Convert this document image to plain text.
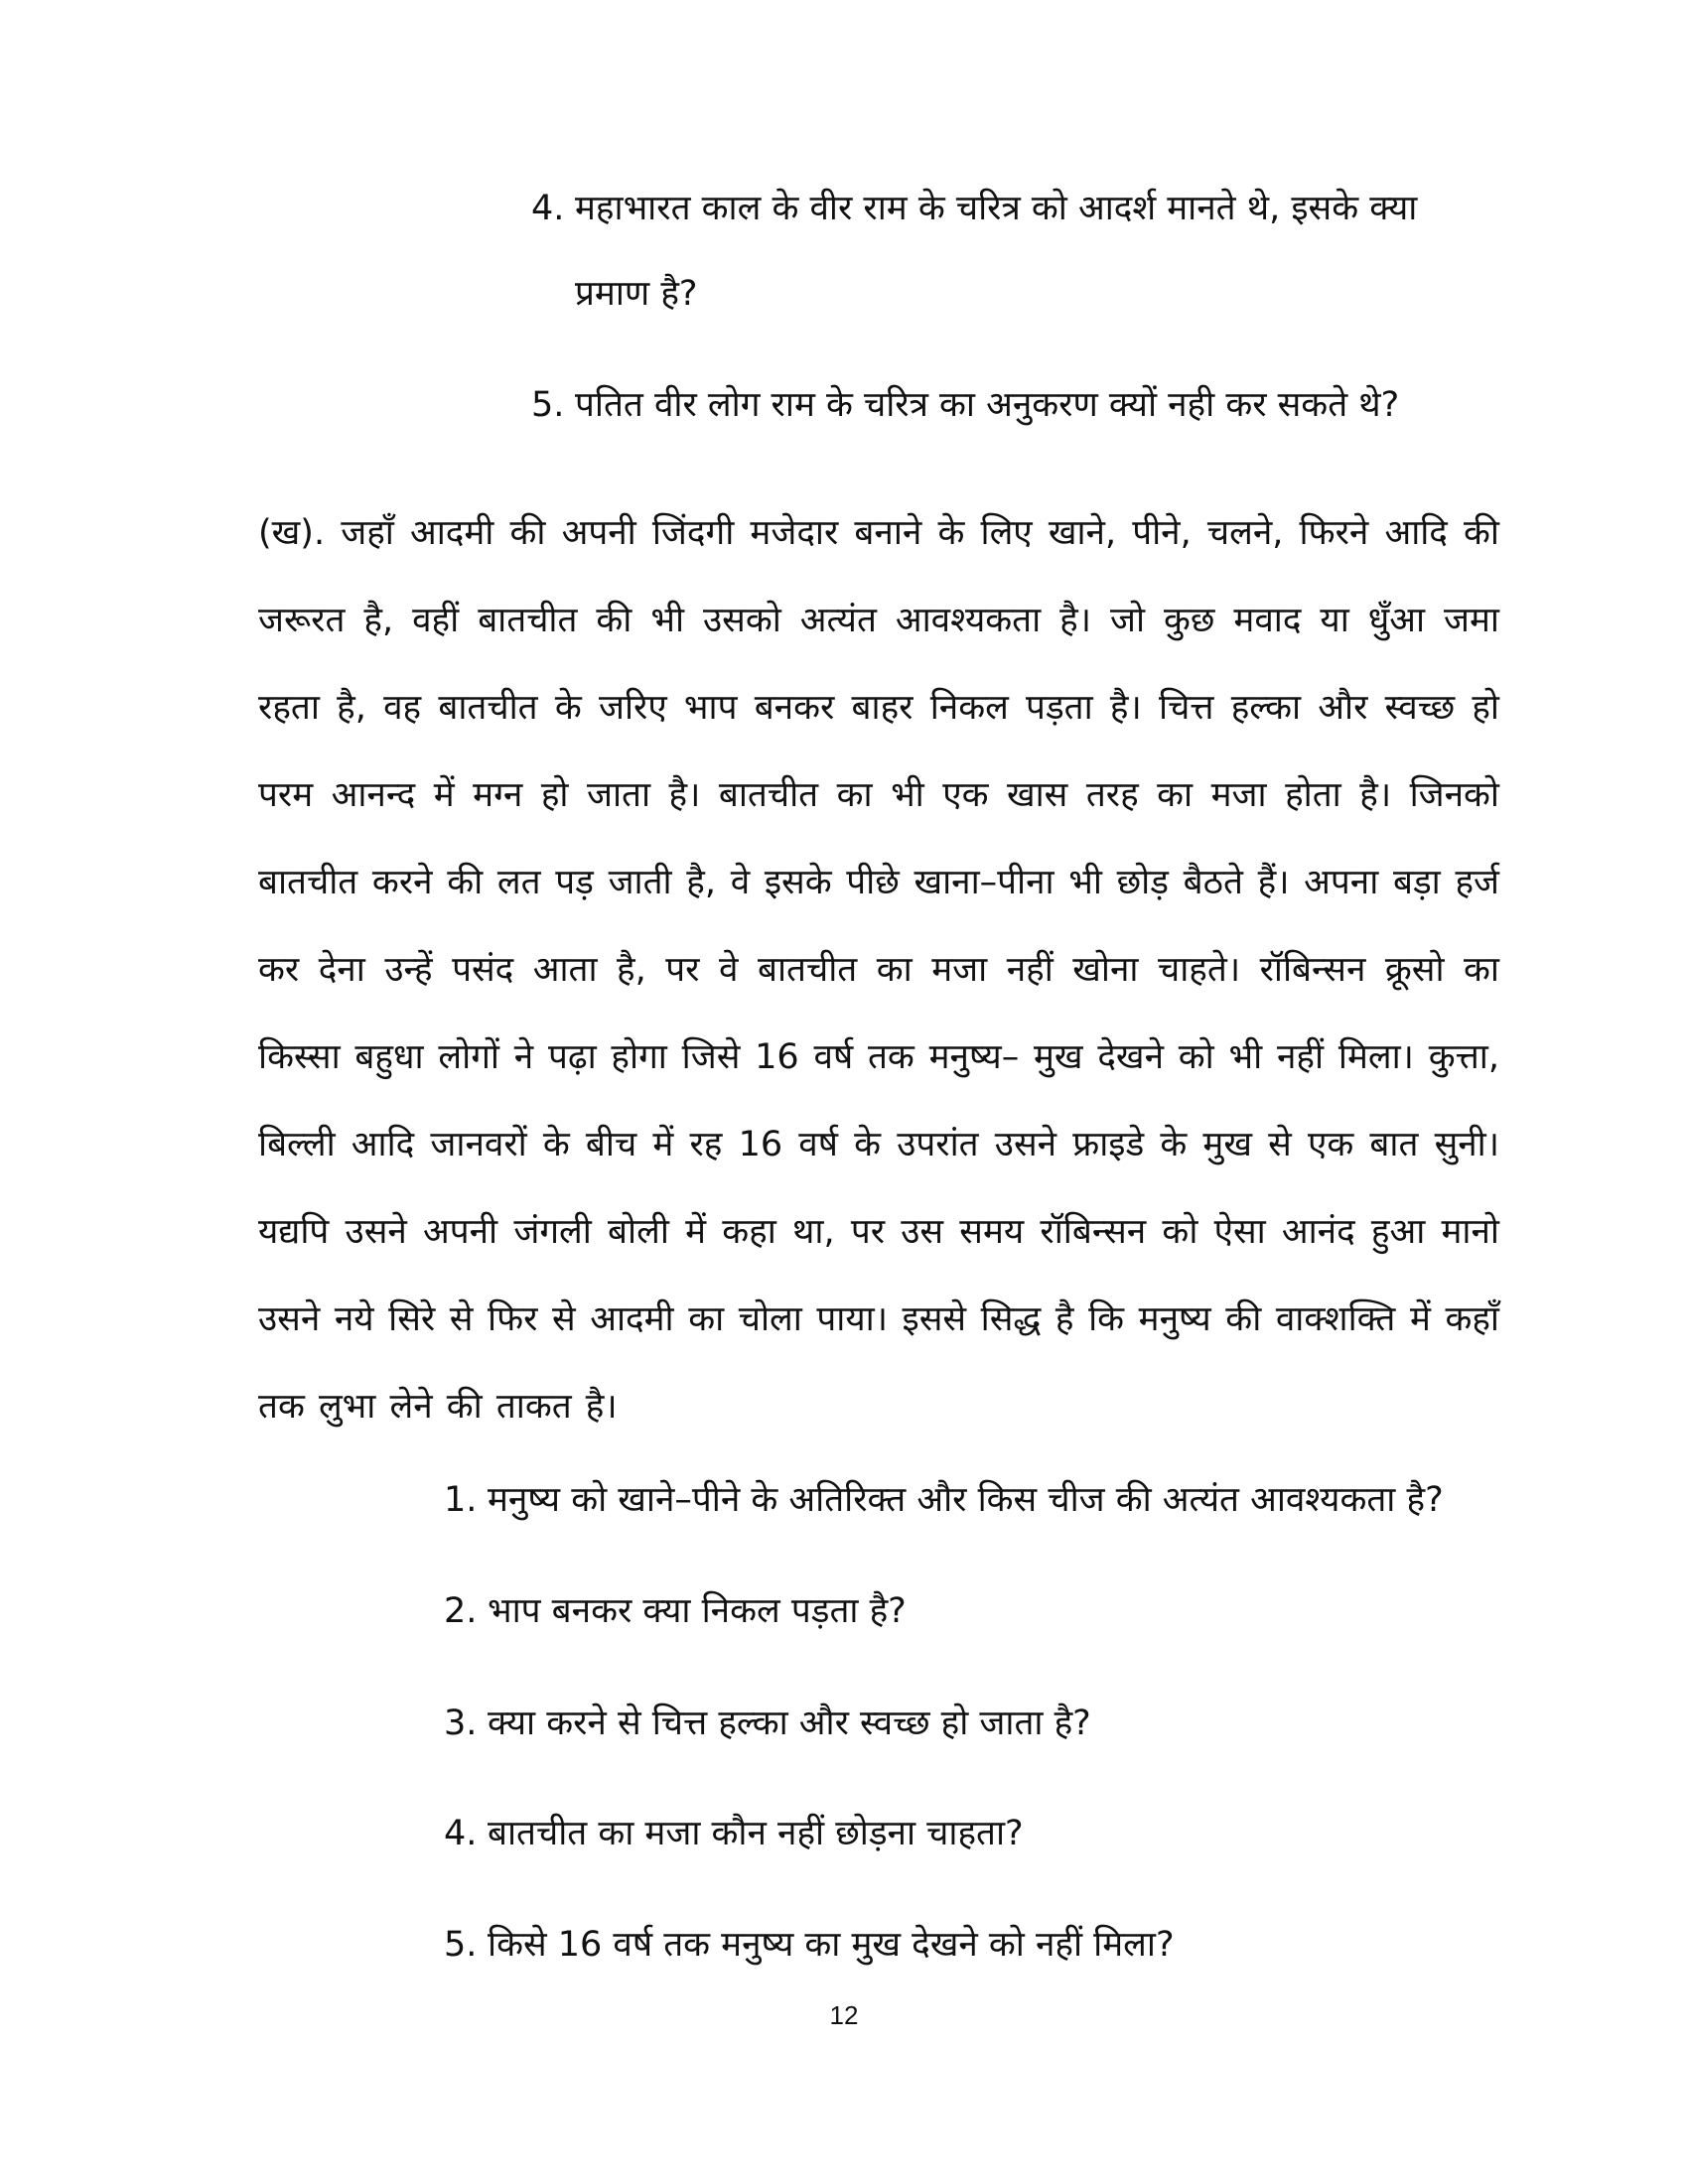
4. महाभारत काल के वीर राम के चरित्र को आदर्श मानते थे, इसके क्या
प्रमाण है?
5. पतित वीर लोग राम के चरित्र का अनुकरण क्यों नही कर सकते थे?
(ख). जहाँ आदमी की अपनी जिंदगी मजेदार बनाने के लिए खाने, पीने, चलने, फिरने आदि की जरूरत है, वहीं बातचीत की भी उसको अत्यंत आवश्यकता है। जो कुछ मवाद या धुँआ जमा रहता है, वह बातचीत के जरिए भाप बनकर बाहर निकल पड़ता है। चित्त हल्का और स्वच्छ हो परम आनन्द में मग्न हो जाता है। बातचीत का भी एक खास तरह का मजा होता है। जिनको बातचीत करने की लत पड़ जाती है, वे इसके पीछे खाना–पीना भी छोड़ बैठते हैं। अपना बड़ा हर्ज कर देना उन्हें पसंद आता है, पर वे बातचीत का मजा नहीं खोना चाहते। रॉबिन्सन क्रूसो का किस्सा बहुधा लोगों ने पढ़ा होगा जिसे 16 वर्ष तक मनुष्य– मुख देखने को भी नहीं मिला। कुत्ता, बिल्ली आदि जानवरों के बीच में रह 16 वर्ष के उपरांत उसने फ्राइडे के मुख से एक बात सुनी। यद्यपि उसने अपनी जंगली बोली में कहा था, पर उस समय रॉबिन्सन को ऐसा आनंद हुआ मानो उसने नये सिरे से फिर से आदमी का चोला पाया। इससे सिद्ध है कि मनुष्य की वाक्शक्ति में कहाँ तक लुभा लेने की ताकत है।
1. मनुष्य को खाने–पीने के अतिरिक्त और किस चीज की अत्यंत आवश्यकता है?
2. भाप बनकर क्या निकल पड़ता है?
3. क्या करने से चित्त हल्का और स्वच्छ हो जाता है?
4. बातचीत का मजा कौन नहीं छोड़ना चाहता?
5. किसे 16 वर्ष तक मनुष्य का मुख देखने को नहीं मिला?
12
